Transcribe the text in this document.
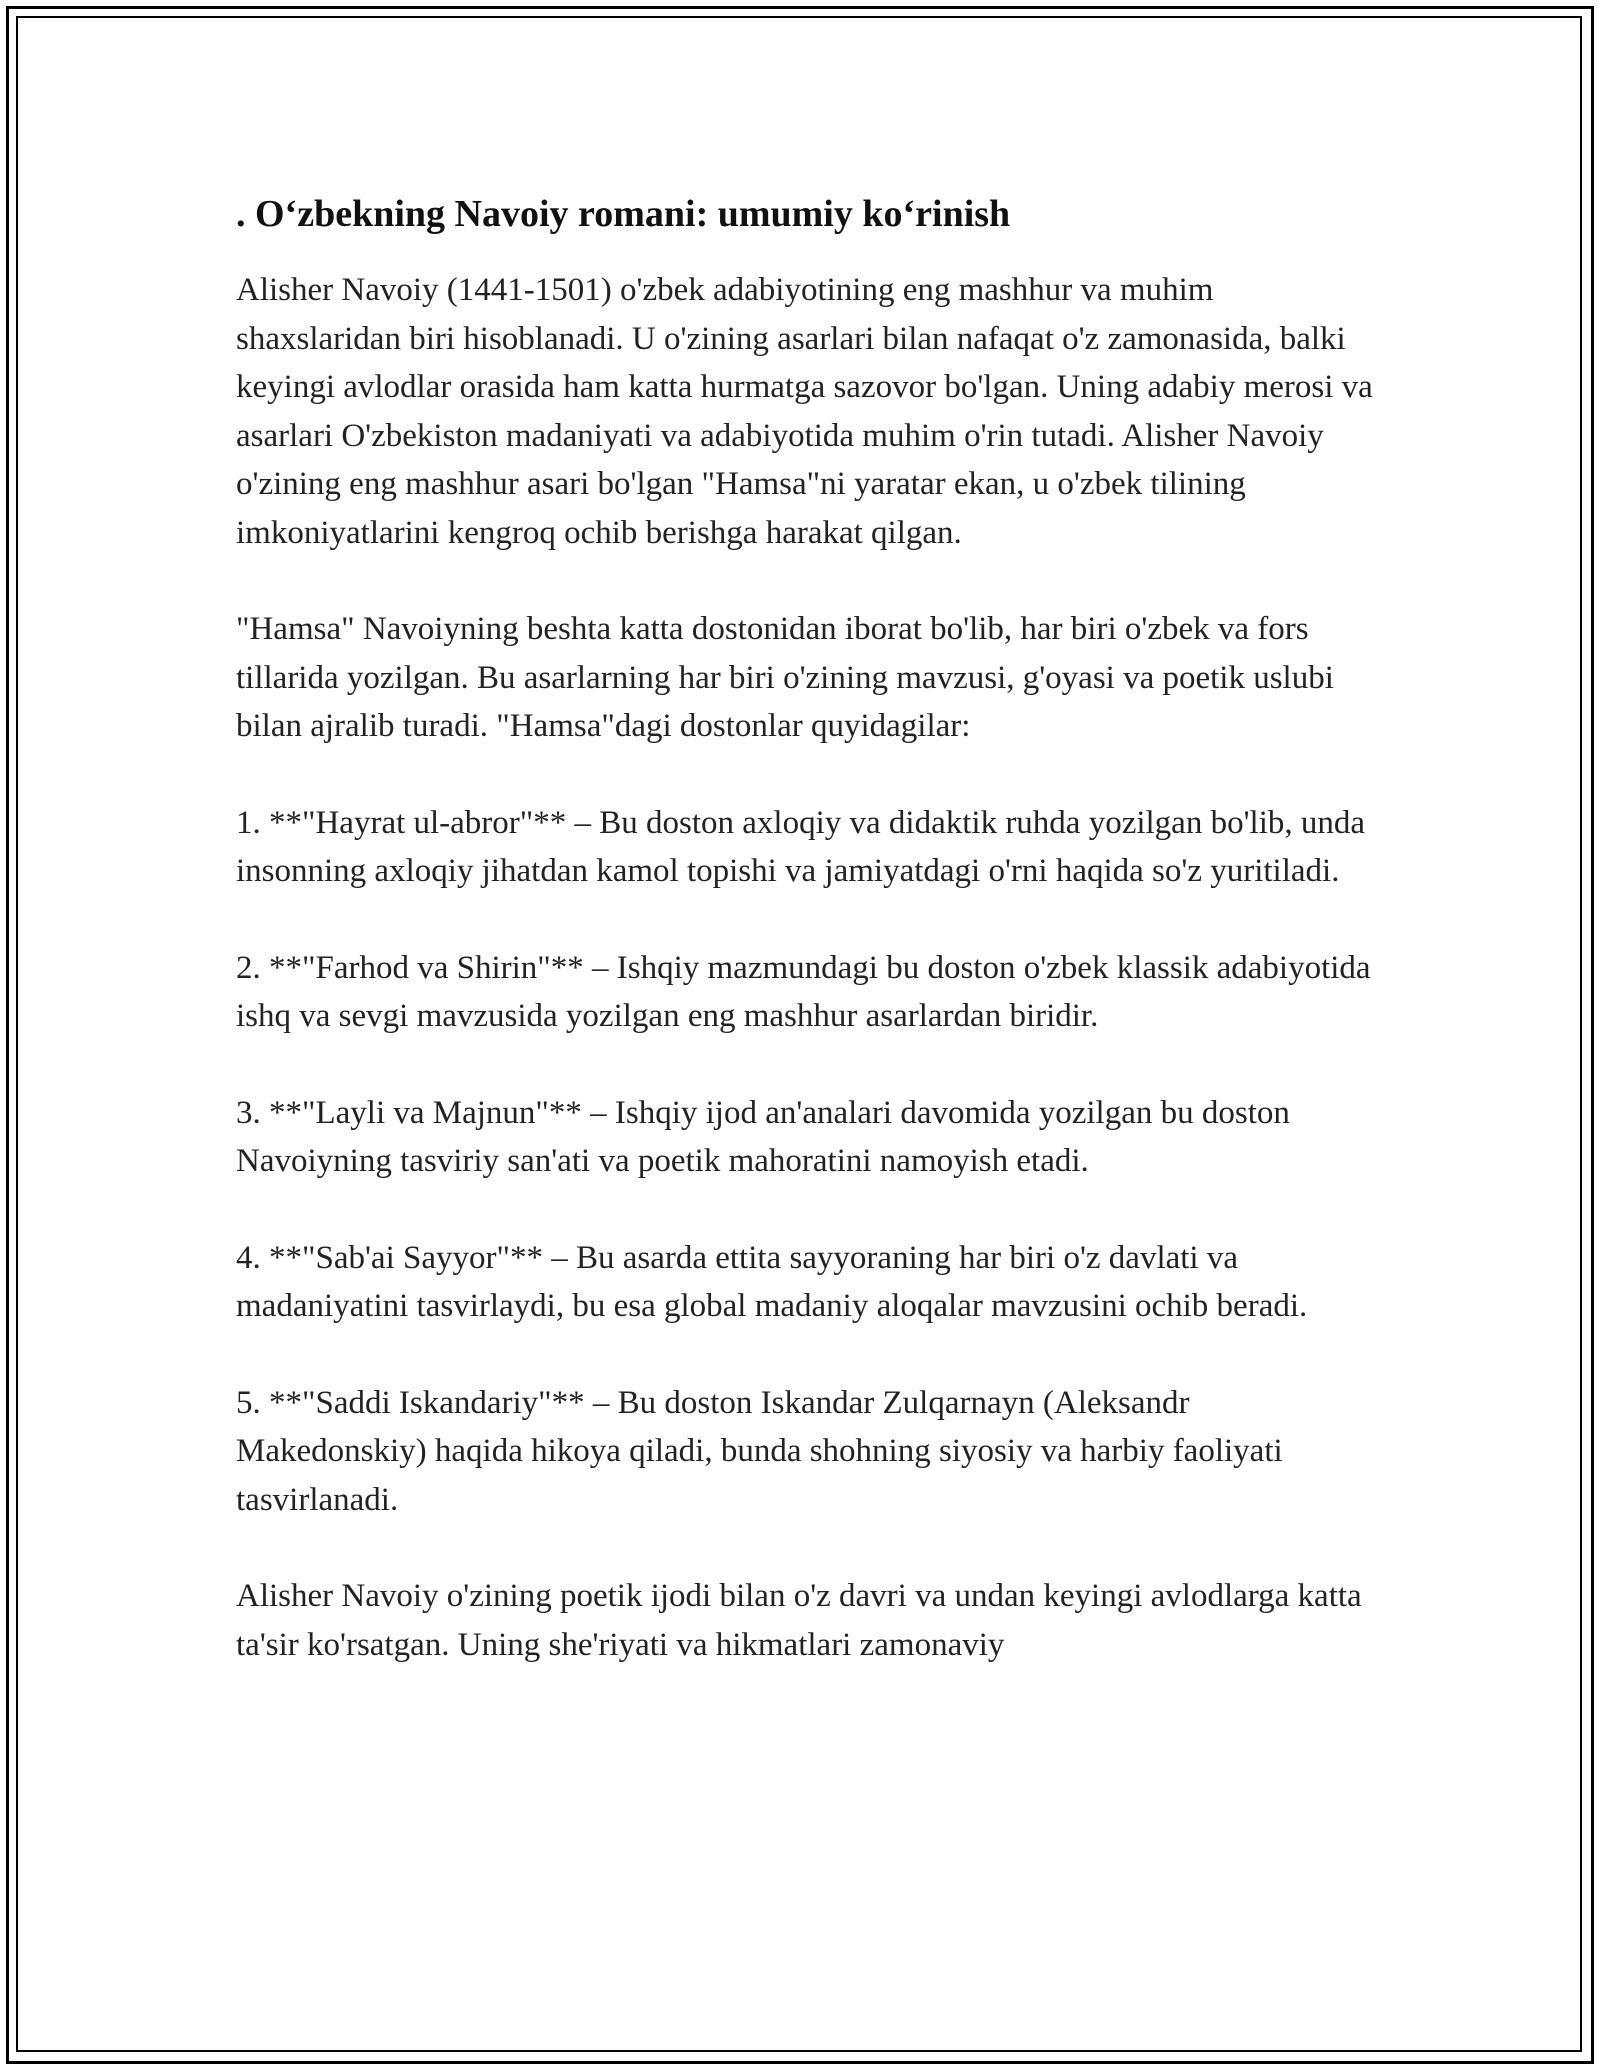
. O‘zbekning Navoiy romani: umumiy ko‘rinish

Alisher Navoiy (1441-1501) o'zbek adabiyotining eng mashhur va muhim shaxslaridan biri hisoblanadi. U o'zining asarlari bilan nafaqat o'z zamonasida, balki keyingi avlodlar orasida ham katta hurmatga sazovor bo'lgan. Uning adabiy merosi va asarlari O'zbekiston madaniyati va adabiyotida muhim o'rin tutadi. Alisher Navoiy o'zining eng mashhur asari bo'lgan "Hamsa"ni yaratar ekan, u o'zbek tilining imkoniyatlarini kengroq ochib berishga harakat qilgan.

"Hamsa" Navoiyning beshta katta dostonidan iborat bo'lib, har biri o'zbek va fors tillarida yozilgan. Bu asarlarning har biri o'zining mavzusi, g'oyasi va poetik uslubi bilan ajralib turadi. "Hamsa"dagi dostonlar quyidagilar:

1. **"Hayrat ul-abror"** – Bu doston axloqiy va didaktik ruhda yozilgan bo'lib, unda insonning axloqiy jihatdan kamol topishi va jamiyatdagi o'rni haqida so'z yuritiladi.

2. **"Farhod va Shirin"** – Ishqiy mazmundagi bu doston o'zbek klassik adabiyotida ishq va sevgi mavzusida yozilgan eng mashhur asarlardan biridir.

3. **"Layli va Majnun"** – Ishqiy ijod an'analari davomida yozilgan bu doston Navoiyning tasviriy san'ati va poetik mahoratini namoyish etadi.

4. **"Sab'ai Sayyor"** – Bu asarda ettita sayyoraning har biri o'z davlati va madaniyatini tasvirlaydi, bu esa global madaniy aloqalar mavzusini ochib beradi.

5. **"Saddi Iskandariy"** – Bu doston Iskandar Zulqarnayn (Aleksandr Makedonskiy) haqida hikoya qiladi, bunda shohning siyosiy va harbiy faoliyati tasvirlanadi.

Alisher Navoiy o'zining poetik ijodi bilan o'z davri va undan keyingi avlodlarga katta ta'sir ko'rsatgan. Uning she'riyati va hikmatlari zamonaviy
